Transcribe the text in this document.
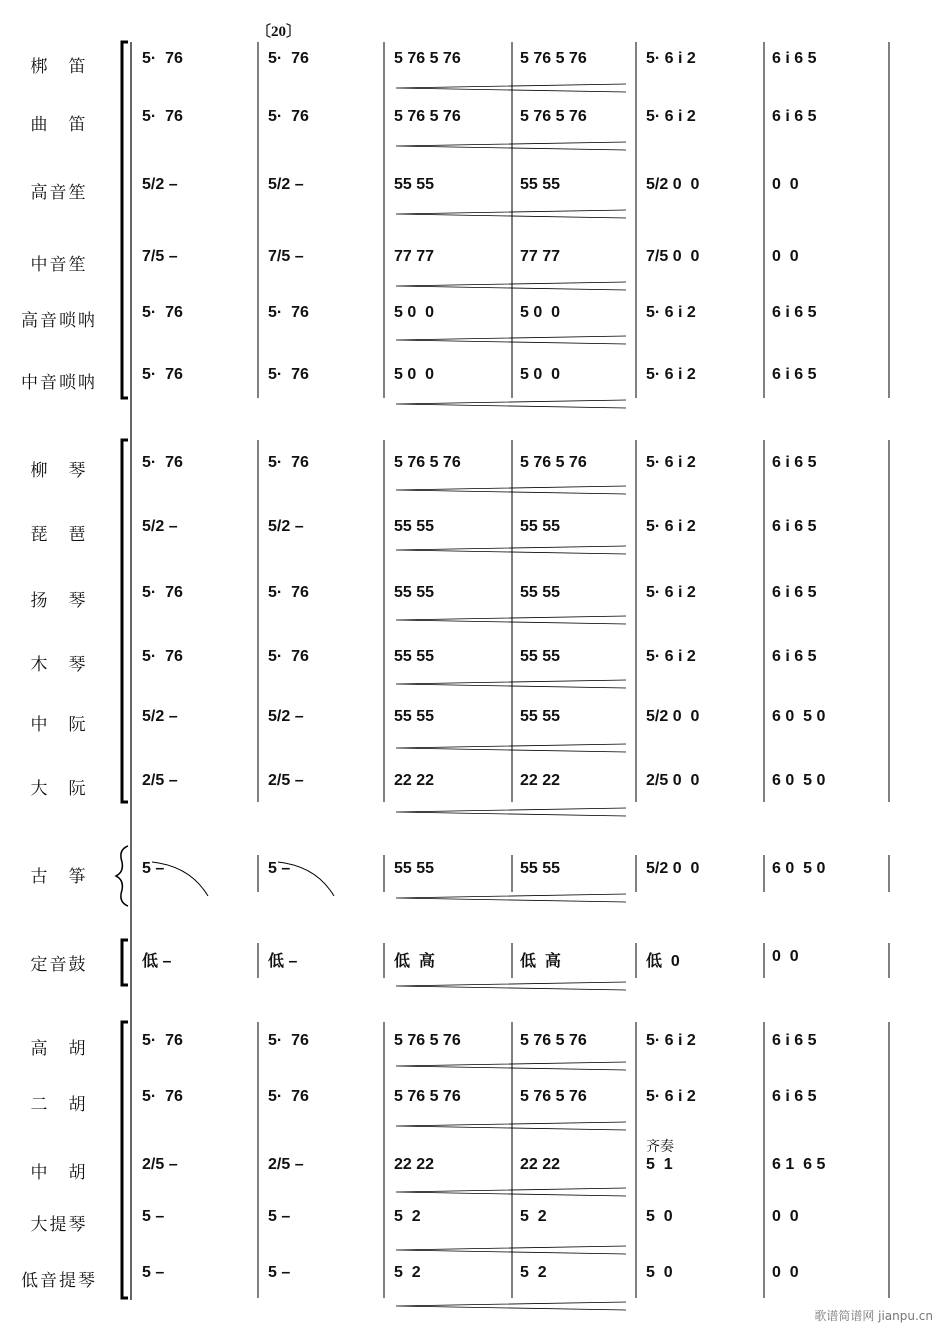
〔20〕
梆　笛
曲　笛
高音笙
中音笙
高音唢呐
中音唢呐
柳　琴
琵　琶
扬　琴
木　琴
中　阮
大　阮
古　筝
定音鼓
高　胡
二　胡
中　胡
大提琴
低音提琴
歌谱简谱网 jianpu.cn
5·  76	5·  76	5 76 5 76	5 76 5 76	5· 6 i 2	6 i 6 5
5·  76	5·  76	5 76 5 76	5 76 5 76	5· 6 i 2	6 i 6 5
5/2 –	5/2 –	55 55	55 55	5/2 0  0	0  0
7/5 –	7/5 –	77 77	77 77	7/5 0  0	0  0
5·  76	5·  76	5 0  0	5 0  0	5· 6 i 2	6 i 6 5
5·  76	5·  76	5 0  0	5 0  0	5· 6 i 2	6 i 6 5
5·  76	5·  76	5 76 5 76	5 76 5 76	5· 6 i 2	6 i 6 5
5/2 –	5/2 –	55 55	55 55	5· 6 i 2	6 i 6 5
5·  76	5·  76	55 55	55 55	5· 6 i 2	6 i 6 5
5·  76	5·  76	55 55	55 55	5· 6 i 2	6 i 6 5
5/2 –	5/2 –	55 55	55 55	5/2 0  0	6 0  5 0
2/5 –	2/5 –	22 22	22 22	2/5 0  0	6 0  5 0
5 –	5 –	55 55	55 55	5/2 0  0	6 0  5 0
低 –	低 –	低  高	低  高	低  0	0  0
5·  76	5·  76	5 76 5 76	5 76 5 76	5· 6 i 2	6 i 6 5
5·  76	5·  76	5 76 5 76	5 76 5 76	5· 6 i 2	6 i 6 5
2/5 –	2/5 –	22 22	22 22	5  1	6 1  6 5
5 –	5 –	5  2	5  2	5  0	0  0
5 –	5 –	5  2	5  2	5  0	0  0
齐奏
